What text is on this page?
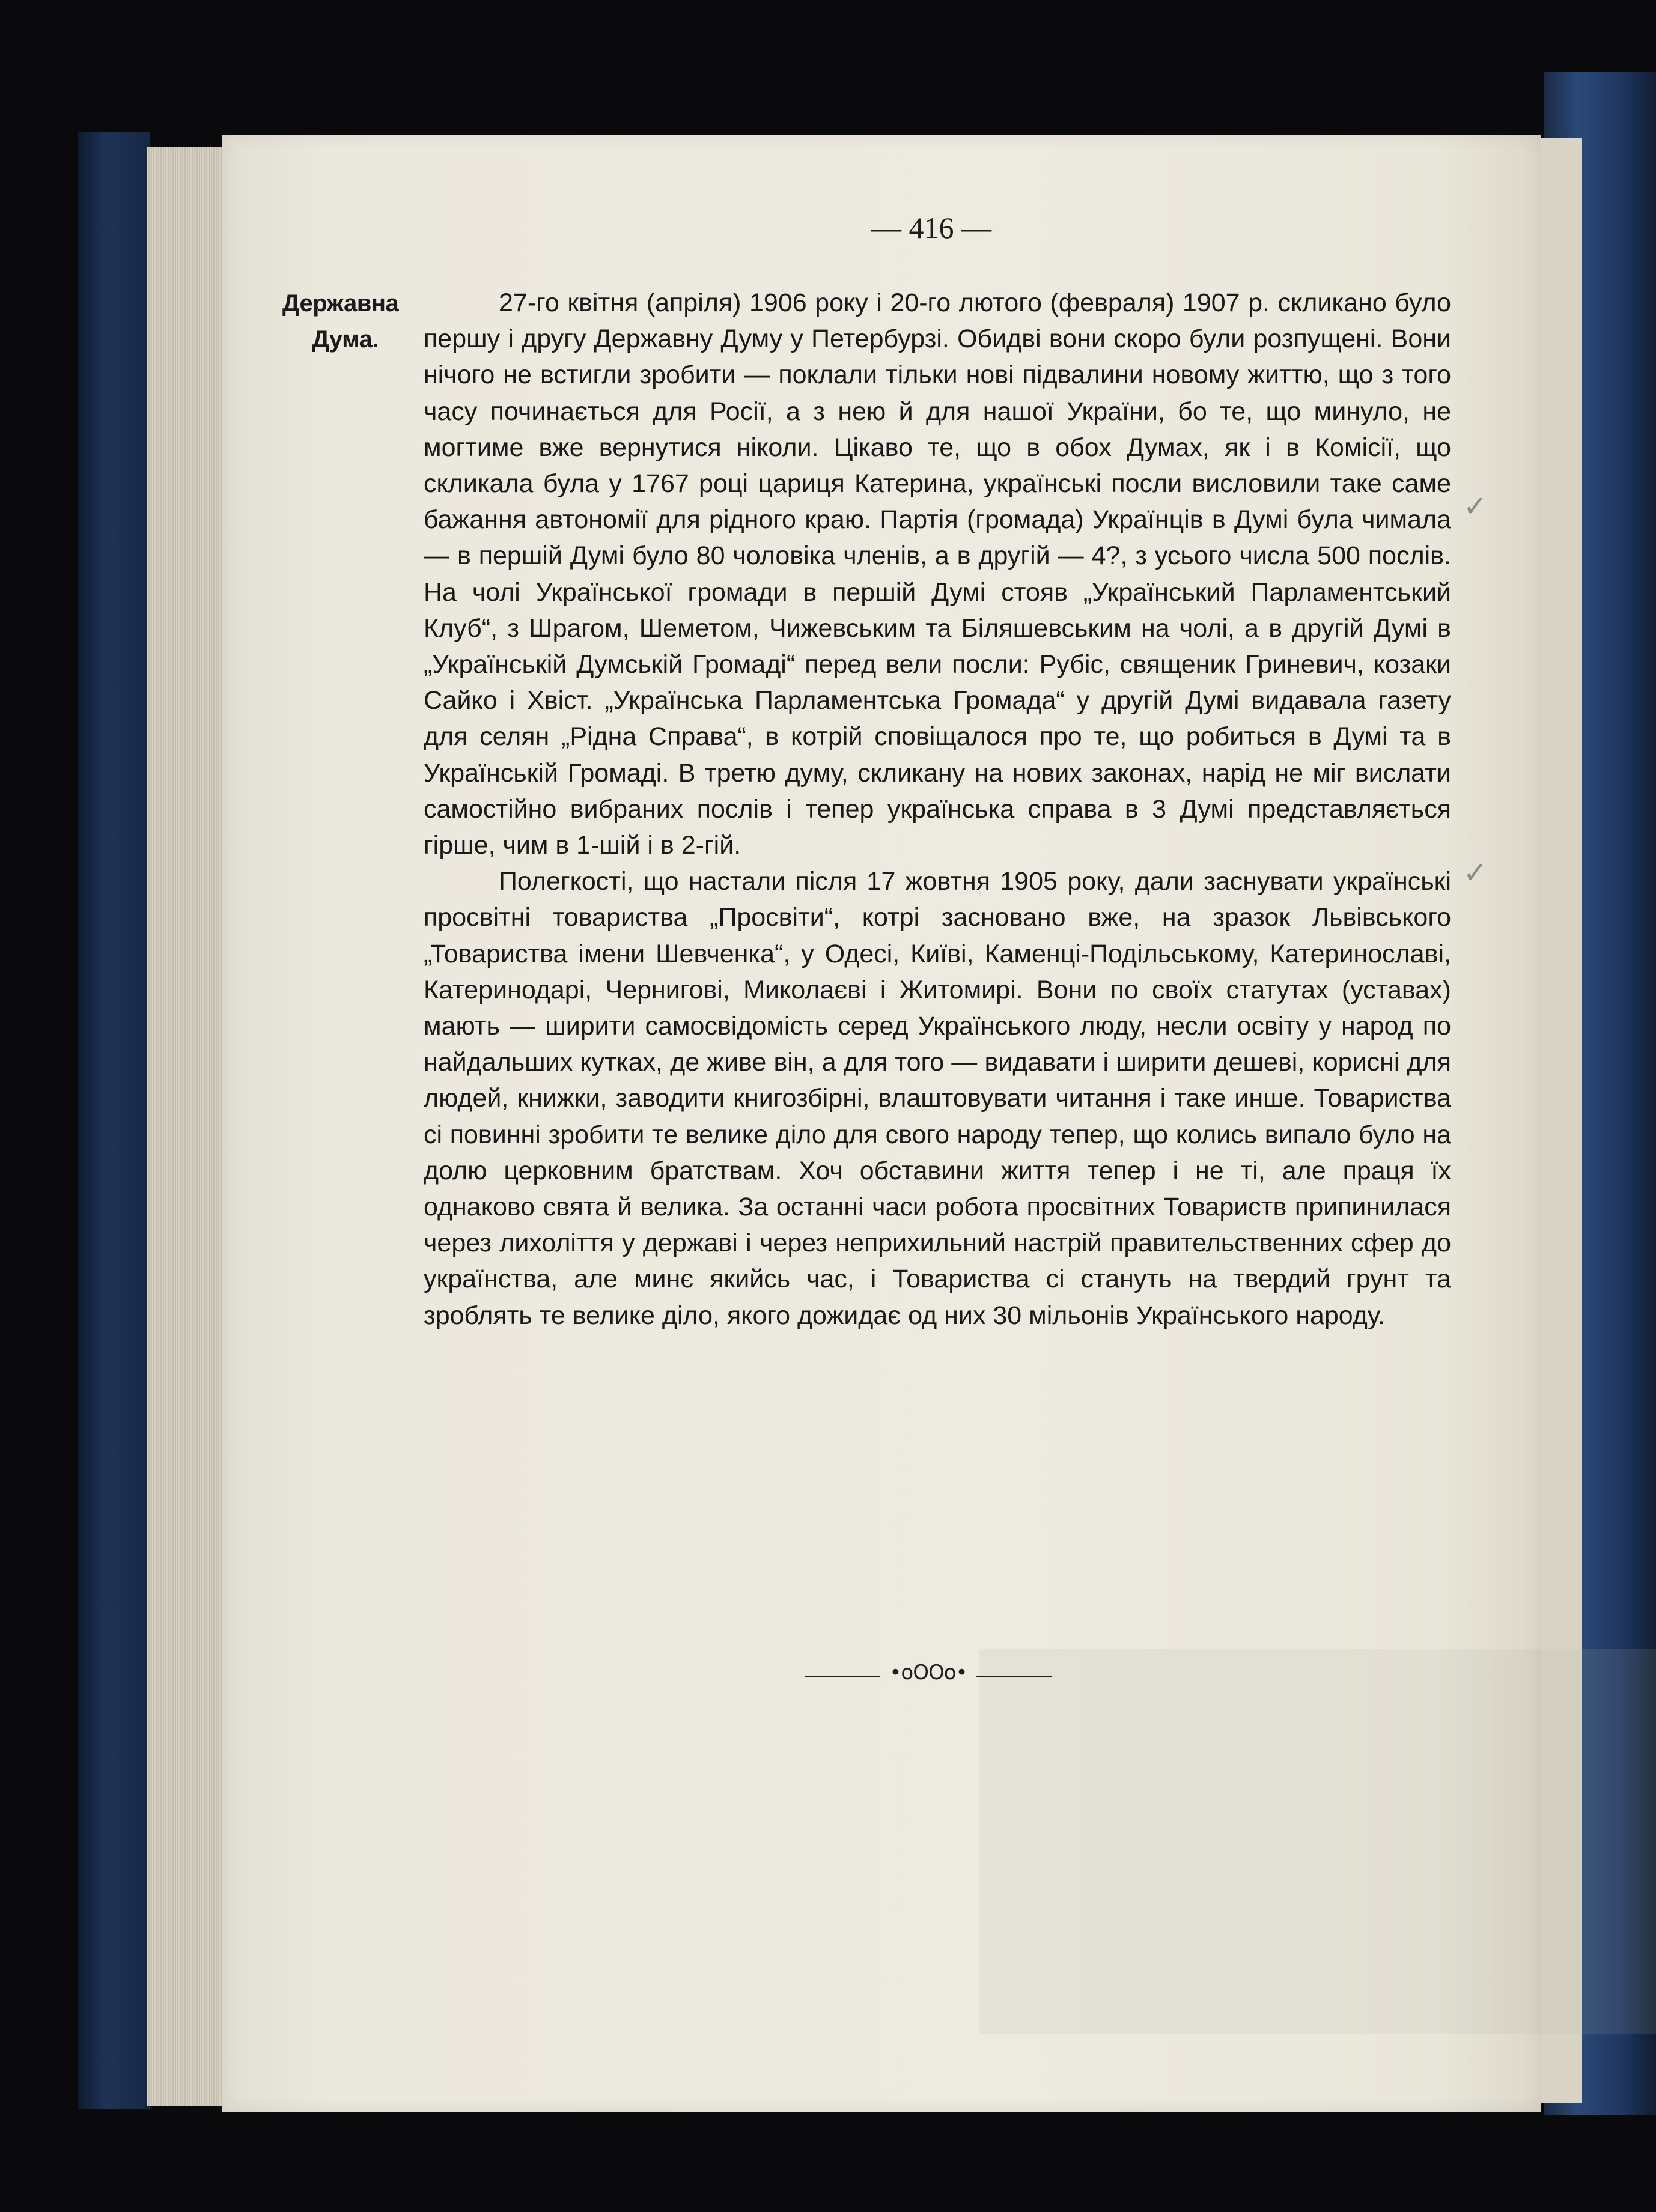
— 416 —
Державна
Дума.

27-го квітня (апріля) 1906 року і 20-го лютого (февраля) 1907 р. скликано було першу і другу Державну Думу у Петербурзі. Обидві вони скоро були розпущені. Вони нічого не встигли зробити — поклали тільки нові підвалини новому життю, що з того часу починається для Росії, а з нею й для нашої України, бо те, що минуло, не могтиме вже вернутися ніколи. Цікаво те, що в обох Думах, як і в Комісії, що скликала була у 1767 році цариця Катерина, українські посли висловили таке саме бажання автономії для рідного краю. Партія (громада) Українців в Думі була чимала — в першій Думі було 80 чоловіка членів, а в другій — 4?, з усього числа 500 послів. На чолі Української громади в першій Думі стояв „Український Парламентський Клуб“, з Шрагом, Шеметом, Чижевським та Біляшевським на чолі, а в другій Думі в „Українській Думській Громаді“ перед вели посли: Рубіс, священик Гриневич, козаки Сайко і Хвіст. „Українська Парламентська Громада“ у другій Думі видавала газету для селян „Рідна Справа“, в котрій сповіщалося про те, що робиться в Думі та в Українській Громаді. В третю думу, скликану на нових законах, нарід не міг вислати самостійно вибраних послів і тепер українська справа в 3 Думі представляється гірше, чим в 1-шій і в 2-гій.

Полегкості, що настали після 17 жовтня 1905 року, дали заснувати українські просвітні товариства „Просвіти“, котрі засновано вже, на зразок Львівського „Товариства імени Шевченка“, у Одесі, Київі, Каменці-Подільському, Катеринославі, Катеринодарі, Чернигові, Миколаєві і Житомирі. Вони по своїх статутах (уставах) мають — ширити самосвідомість серед Українського люду, несли освіту у народ по найдальших кутках, де живе він, а для того — видавати і ширити дешеві, корисні для людей, книжки, заводити книгозбірні, влаштовувати читання і таке инше. Товариства сі повинні зробити те велике діло для свого народу тепер, що колись випало було на долю церковним братствам. Хоч обставини життя тепер і не ті, але праця їх однаково свята й велика. За останні часи робота просвітних Товариств припинилася через лихоліття у державі і через неприхильний настрій правительственних сфер до українства, але минє якийсь час, і Товариства сі стануть на твердий грунт та зроблять те велике діло, якого дожидає од них 30 мільонів Українського народу.

•oOOo•
✓
✓
